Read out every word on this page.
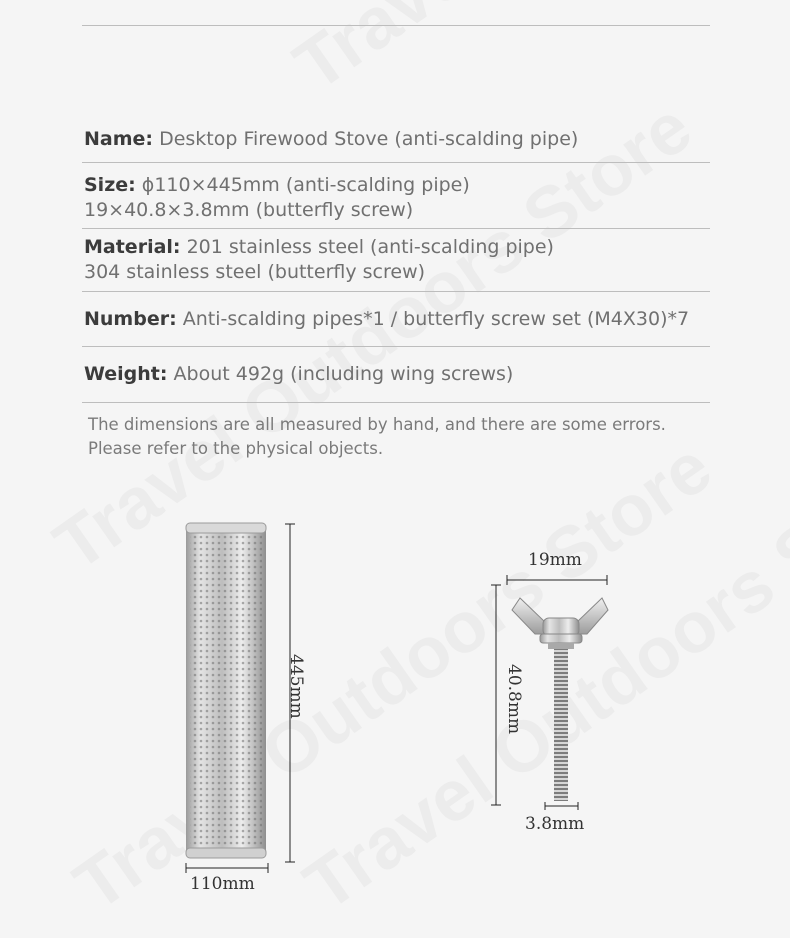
Name: Desktop Firewood Stove (anti-scalding pipe)
Size: ϕ110×445mm (anti-scalding pipe)
19×40.8×3.8mm (butterfly screw)
Material: 201 stainless steel (anti-scalding pipe)
304 stainless steel (butterfly screw)
Number: Anti-scalding pipes*1 / butterfly screw set (M4X30)*7
Weight: About 492g (including wing screws)
The dimensions are all measured by hand, and there are some errors.
Please refer to the physical objects.
110mm
445mm
19mm
40.8mm
3.8mm
